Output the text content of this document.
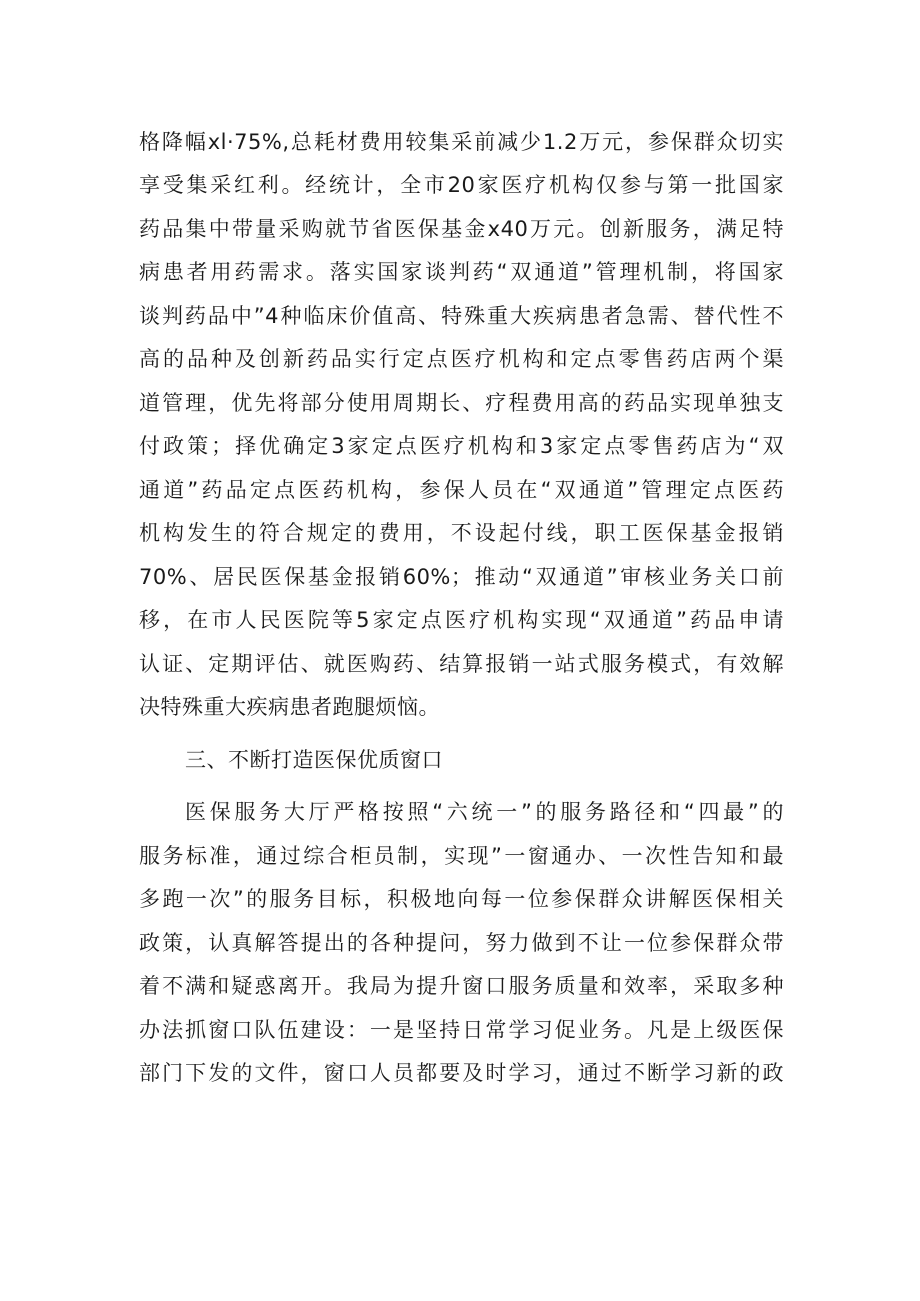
格降幅xl·75%,总耗材费用较集采前减少1.2万元，参保群众切实
享受集采红利。经统计，全市20家医疗机构仅参与第一批国家
药品集中带量采购就节省医保基金x40万元。创新服务，满足特
病患者用药需求。落实国家谈判药“双通道”管理机制，将国家
谈判药品中”4种临床价值高、特殊重大疾病患者急需、替代性不
高的品种及创新药品实行定点医疗机构和定点零售药店两个渠
道管理，优先将部分使用周期长、疗程费用高的药品实现单独支
付政策；择优确定3家定点医疗机构和3家定点零售药店为“双
通道”药品定点医药机构，参保人员在“双通道”管理定点医药
机构发生的符合规定的费用，不设起付线，职工医保基金报销
70%、居民医保基金报销60%；推动“双通道”审核业务关口前
移，在市人民医院等5家定点医疗机构实现“双通道”药品申请
认证、定期评估、就医购药、结算报销一站式服务模式，有效解
决特殊重大疾病患者跑腿烦恼。
三、不断打造医保优质窗口
医保服务大厅严格按照“六统一”的服务路径和“四最”的
服务标准，通过综合柜员制，实现”一窗通办、一次性告知和最
多跑一次”的服务目标，积极地向每一位参保群众讲解医保相关
政策，认真解答提出的各种提问，努力做到不让一位参保群众带
着不满和疑惑离开。我局为提升窗口服务质量和效率，采取多种
办法抓窗口队伍建设：一是坚持日常学习促业务。凡是上级医保
部门下发的文件，窗口人员都要及时学习，通过不断学习新的政
